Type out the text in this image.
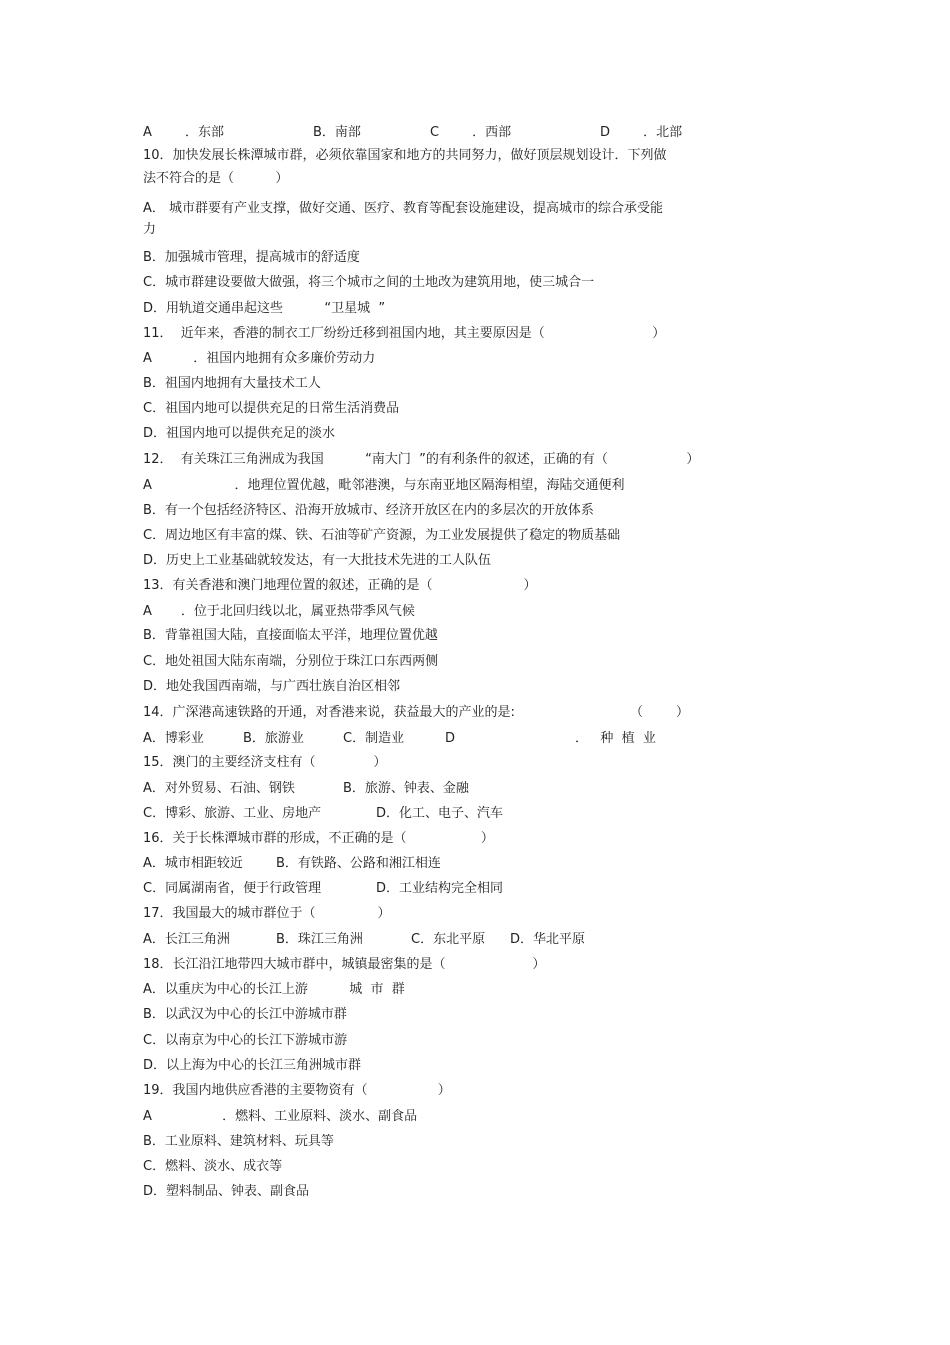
A        ．东部	B．南部	C        ．西部	D        ．北部
10．加快发展长株潭城市群，必须依靠国家和地方的共同努力，做好顶层规划设计．下列做
法不符合的是（          ）
A． 城市群要有产业支撑，做好交通、医疗、教育等配套设施建设，提高城市的综合承受能
力
B．加强城市管理，提高城市的舒适度
C．城市群建设要做大做强，将三个城市之间的土地改为建筑用地，使三城合一
D．用轨道交通串起这些          “卫星城  ”
11．  近年来，香港的制衣工厂纷纷迁移到祖国内地，其主要原因是（                          ）
A          ．祖国内地拥有众多廉价劳动力
B．祖国内地拥有大量技术工人
C．祖国内地可以提供充足的日常生活消费品
D．祖国内地可以提供充足的淡水
12．  有关珠江三角洲成为我国          “南大门  ”的有利条件的叙述，正确的有（                   ）
A                    ．地理位置优越，毗邻港澳，与东南亚地区隔海相望，海陆交通便利
B．有一个包括经济特区、沿海开放城市、经济开放区在内的多层次的开放体系
C．周边地区有丰富的煤、铁、石油等矿产资源，为工业发展提供了稳定的物质基础
D．历史上工业基础就较发达，有一大批技术先进的工人队伍
13．有关香港和澳门地理位置的叙述，正确的是（                      ）
A       ．位于北回归线以北，属亚热带季风气候
B．背靠祖国大陆，直接面临太平洋，地理位置优越
C．地处祖国大陆东南端，分别位于珠江口东西两侧
D．地处我国西南端，与广西壮族自治区相邻
14．广深港高速铁路的开通，对香港来说，获益最大的产业的是:	（        ）
A．博彩业	B．旅游业	C．制造业	D	．   种  植  业
15．澳门的主要经济支柱有（              ）
A．对外贸易、石油、钢铁	B．旅游、钟表、金融
C．博彩、旅游、工业、房地产	D．化工、电子、汽车
16．关于长株潭城市群的形成，不正确的是（                  ）
A．城市相距较近	B．有铁路、公路和湘江相连
C．同属湖南省，便于行政管理	D．工业结构完全相同
17．我国最大的城市群位于（               ）
A．长江三角洲	B．珠江三角洲	C．东北平原 D．华北平原
18．长江沿江地带四大城市群中，城镇最密集的是（                     ）
A．以重庆为中心的长江上游          城  市  群
B．以武汉为中心的长江中游城市群
C．以南京为中心的长江下游城市游
D．以上海为中心的长江三角洲城市群
19．我国内地供应香港的主要物资有（                 ）
A                 ．燃料、工业原料、淡水、副食品
B．工业原料、建筑材料、玩具等
C．燃料、淡水、成衣等
D．塑料制品、钟表、副食品
